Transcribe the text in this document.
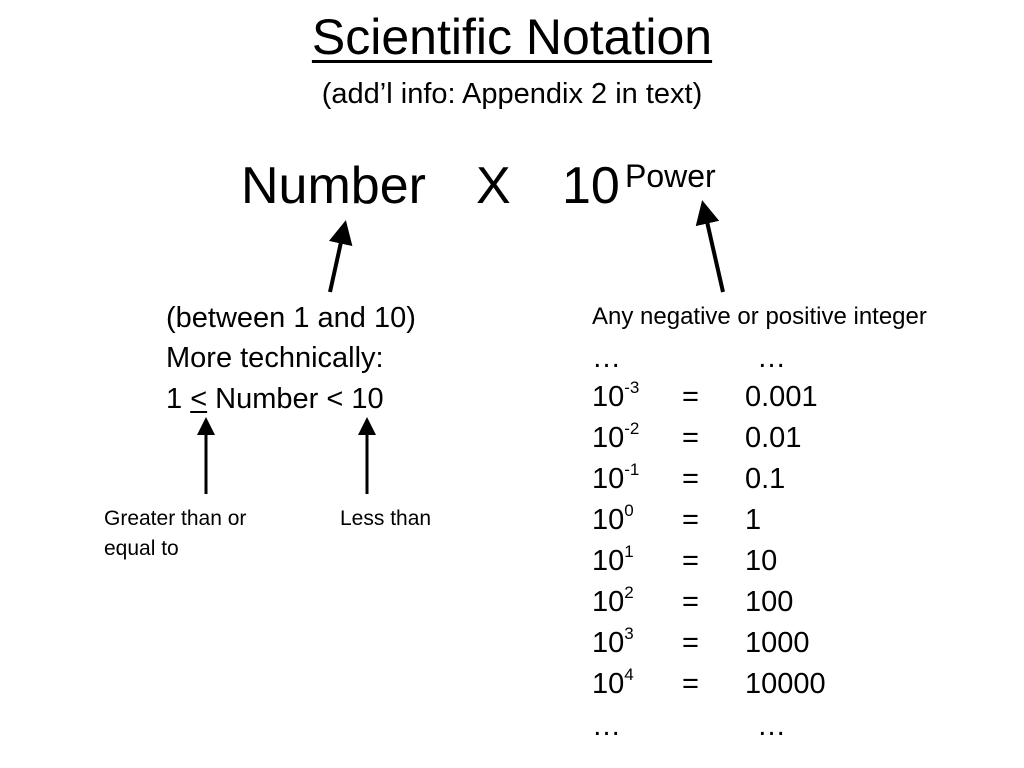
Scientific Notation
(add’l info: Appendix 2 in text)
Number X 10 Power
(between 1 and 10)
More technically:
1 < Number < 10
Greater than or equal to
Less than
Any negative or positive integer
…	…
$10^{-3} = 0.001$
$10^{-2} = 0.01$
$10^{-1} = 0.1$
$10^0 = 1$
$10^1 = 10$
$10^2 = 100$
$10^3 = 1000$
$10^4 = 10000$
…	…
